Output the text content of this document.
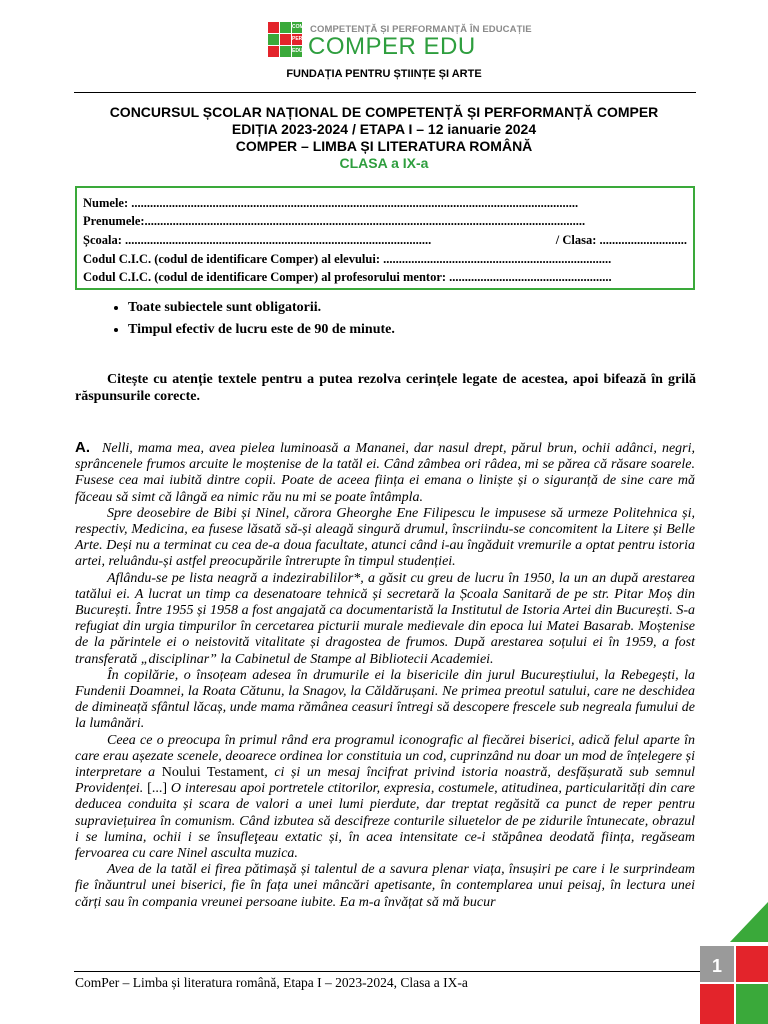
COM
PER
EDU
COMPETENȚĂ ȘI PERFORMANȚĂ ÎN EDUCAȚIE
COMPER EDU
FUNDAȚIA PENTRU ȘTIINȚE ȘI ARTE
CONCURSUL ȘCOLAR NAȚIONAL DE COMPETENȚĂ ȘI PERFORMANȚĂ COMPER
EDIȚIA 2023-2024 / ETAPA I – 12 ianuarie 2024
COMPER – LIMBA ȘI LITERATURA ROMÂNĂ
CLASA a IX-a
Numele: ...............................................................................................................................................
Prenumele:.............................................................................................................................................
Școala: ..................................................................................................	/ Clasa: ............................
Codul C.I.C. (codul de identificare Comper) al elevului: .........................................................................
Codul C.I.C. (codul de identificare Comper) al profesorului mentor: ....................................................
• Toate subiectele sunt obligatorii.
• Timpul efectiv de lucru este de 90 de minute.
Citește cu atenție textele pentru a putea rezolva cerințele legate de acestea, apoi bifează în grilă răspunsurile corecte.

A. Nelli, mama mea, avea pielea luminoasă a Mananei, dar nasul drept, părul brun, ochii adânci, negri, sprâncenele frumos arcuite le moștenise de la tatăl ei. Când zâmbea ori râdea, mi se părea că răsare soarele. Fusese cea mai iubită dintre copii. Poate de aceea ființa ei emana o liniște și o siguranță de sine care mă făceau să simt că lângă ea nimic rău nu mi se poate întâmpla.

Spre deosebire de Bibi și Ninel, cărora Gheorghe Ene Filipescu le impusese să urmeze Politehnica și, respectiv, Medicina, ea fusese lăsată să-și aleagă singură drumul, înscriindu-se concomitent la Litere și Belle Arte. Deși nu a terminat cu cea de-a doua facultate, atunci când i-au îngăduit vremurile a optat pentru istoria artei, reluându-și astfel preocupările întrerupte în timpul studenției.

Aflându-se pe lista neagră a indezirabililor*, a găsit cu greu de lucru în 1950, la un an după arestarea tatălui ei. A lucrat un timp ca desenatoare tehnică și secretară la Școala Sanitară de pe str. Pitar Moș din București. Între 1955 și 1958 a fost angajată ca documentaristă la Institutul de Istoria Artei din București. S-a refugiat din urgia timpurilor în cercetarea picturii murale medievale din epoca lui Matei Basarab. Moștenise de la părintele ei o neistovită vitalitate și dragostea de frumos. După arestarea soțului ei în 1959, a fost transferată „disciplinar” la Cabinetul de Stampe al Bibliotecii Academiei.

În copilărie, o însoțeam adesea în drumurile ei la bisericile din jurul Bucureștiului, la Rebegești, la Fundenii Doamnei, la Roata Cătunu, la Snagov, la Căldărușani. Ne primea preotul satului, care ne deschidea de dimineață sfântul lăcaș, unde mama rămânea ceasuri întregi să descopere frescele sub negreala fumului de la lumânări.

Ceea ce o preocupa în primul rând era programul iconografic al fiecărei biserici, adică felul aparte în care erau așezate scenele, deoarece ordinea lor constituia un cod, cuprinzând nu doar un mod de înțelegere și interpretare a Noului Testament, ci și un mesaj încifrat privind istoria noastră, desfășurată sub semnul Providenței. [...] O interesau apoi portretele ctitorilor, expresia, costumele, atitudinea, particularități din care deducea conduita și scara de valori a unei lumi pierdute, dar treptat regăsită ca punct de reper pentru supraviețuirea în comunism. Când izbutea să descifreze conturile siluetelor de pe zidurile întunecate, obrazul i se lumina, ochii i se însufleţeau extatic și, în acea intensitate ce-i stăpânea deodată ființa, regăseam fervoarea cu care Ninel asculta muzica.

Avea de la tatăl ei firea pătimașă și talentul de a savura plenar viața, însușiri pe care i le surprindeam fie înăuntrul unei biserici, fie în fața unei mâncări apetisante, în contemplarea unui peisaj, în lectura unei cărți sau în compania vreunei persoane iubite. Ea m-a învățat să mă bucur

ComPer – Limba și literatura română, Etapa I – 2023-2024, Clasa a IX-a
1
